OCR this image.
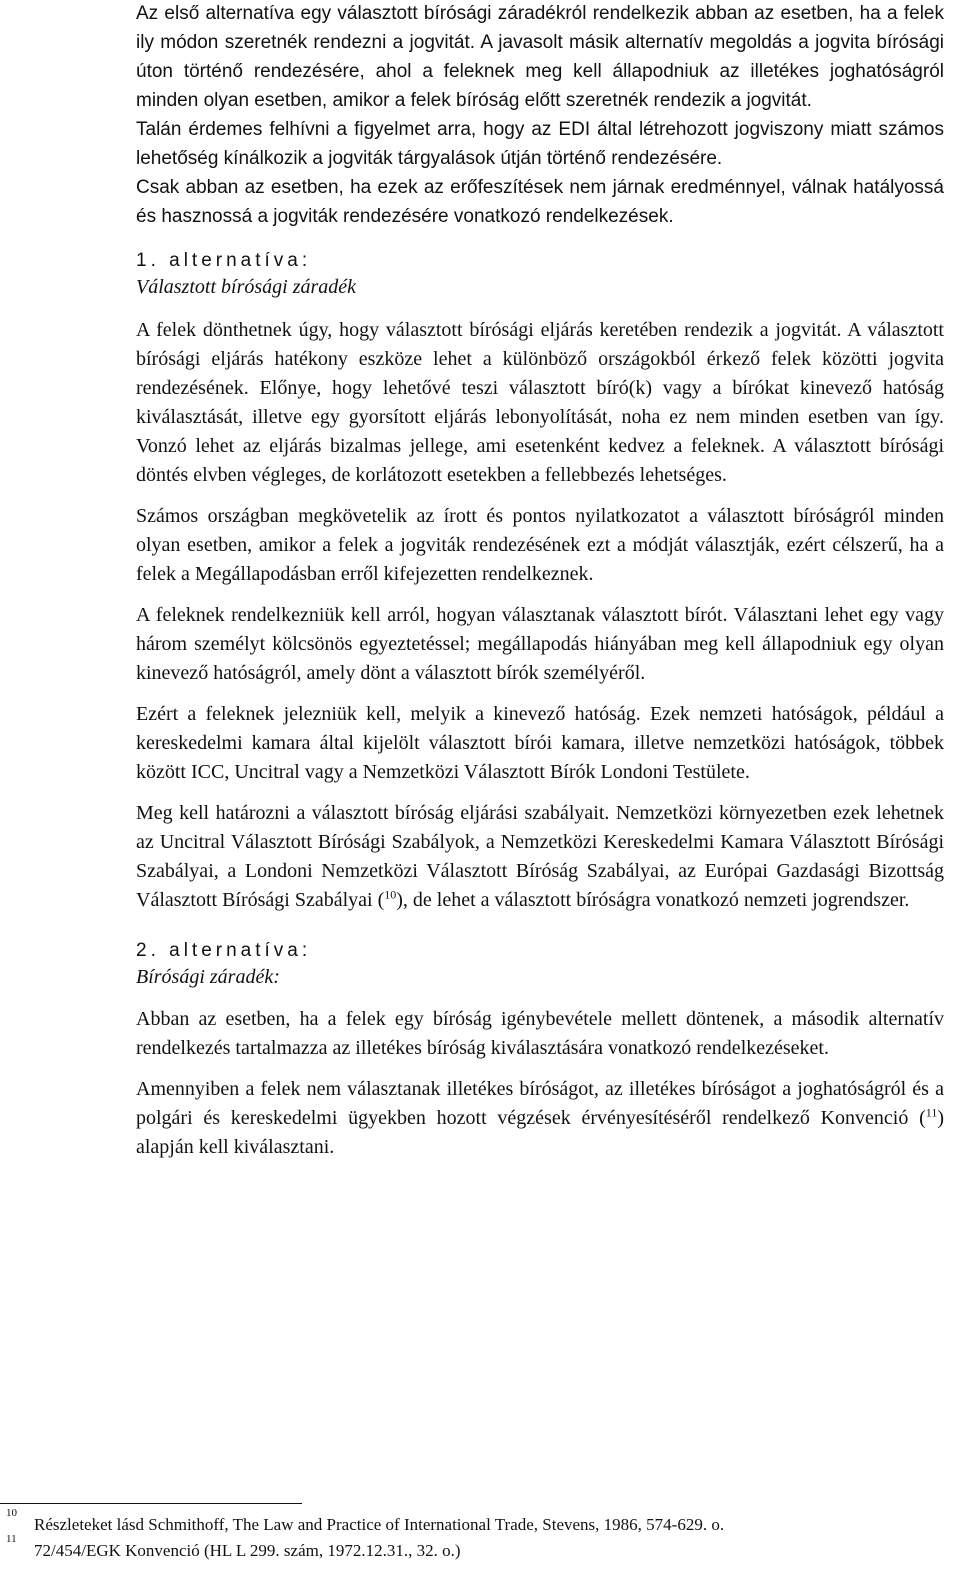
Az első alternatíva egy választott bírósági záradékról rendelkezik abban az esetben, ha a felek ily módon szeretnék rendezni a jogvitát. A javasolt másik alternatív megoldás a jogvita bírósági úton történő rendezésére, ahol a feleknek meg kell állapodniuk az illetékes joghatóságról minden olyan esetben, amikor a felek bíróság előtt szeretnék rendezik a jogvitát.

Talán érdemes felhívni a figyelmet arra, hogy az EDI által létrehozott jogviszony miatt számos lehetőség kínálkozik a jogviták tárgyalások útján történő rendezésére.

Csak abban az esetben, ha ezek az erőfeszítések nem járnak eredménnyel, válnak hatályossá és hasznossá a jogviták rendezésére vonatkozó rendelkezések.

1. alternatíva:
Választott bírósági záradék

A felek dönthetnek úgy, hogy választott bírósági eljárás keretében rendezik a jogvitát. A választott bírósági eljárás hatékony eszköze lehet a különböző országokból érkező felek közötti jogvita rendezésének. Előnye, hogy lehetővé teszi választott bíró(k) vagy a bírókat kinevező hatóság kiválasztását, illetve egy gyorsított eljárás lebonyolítását, noha ez nem minden esetben van így. Vonzó lehet az eljárás bizalmas jellege, ami esetenként kedvez a feleknek. A választott bírósági döntés elvben végleges, de korlátozott esetekben a fellebbezés lehetséges.

Számos országban megkövetelik az írott és pontos nyilatkozatot a választott bíróságról minden olyan esetben, amikor a felek a jogviták rendezésének ezt a módját választják, ezért célszerű, ha a felek a Megállapodásban erről kifejezetten rendelkeznek.

A feleknek rendelkezniük kell arról, hogyan választanak választott bírót. Választani lehet egy vagy három személyt kölcsönös egyeztetéssel; megállapodás hiányában meg kell állapodniuk egy olyan kinevező hatóságról, amely dönt a választott bírók személyéről.

Ezért a feleknek jelezniük kell, melyik a kinevező hatóság. Ezek nemzeti hatóságok, például a kereskedelmi kamara által kijelölt választott bírói kamara, illetve nemzetközi hatóságok, többek között ICC, Uncitral vagy a Nemzetközi Választott Bírók Londoni Testülete.

Meg kell határozni a választott bíróság eljárási szabályait. Nemzetközi környezetben ezek lehetnek az Uncitral Választott Bírósági Szabályok, a Nemzetközi Kereskedelmi Kamara Választott Bírósági Szabályai, a Londoni Nemzetközi Választott Bíróság Szabályai, az Európai Gazdasági Bizottság Választott Bírósági Szabályai ($^{10}$), de lehet a választott bíróságra vonatkozó nemzeti jogrendszer.

2. alternatíva:
Bírósági záradék:

Abban az esetben, ha a felek egy bíróság igénybevétele mellett döntenek, a második alternatív rendelkezés tartalmazza az illetékes bíróság kiválasztására vonatkozó rendelkezéseket.

Amennyiben a felek nem választanak illetékes bíróságot, az illetékes bíróságot a joghatóságról és a polgári és kereskedelmi ügyekben hozott végzések érvényesítéséről rendelkező Konvenció ($^{11}$) alapján kell kiválasztani.

10
Részleteket lásd Schmithoff, The Law and Practice of International Trade, Stevens, 1986, 574-629. o.
11
72/454/EGK Konvenció (HL L 299. szám, 1972.12.31., 32. o.)
